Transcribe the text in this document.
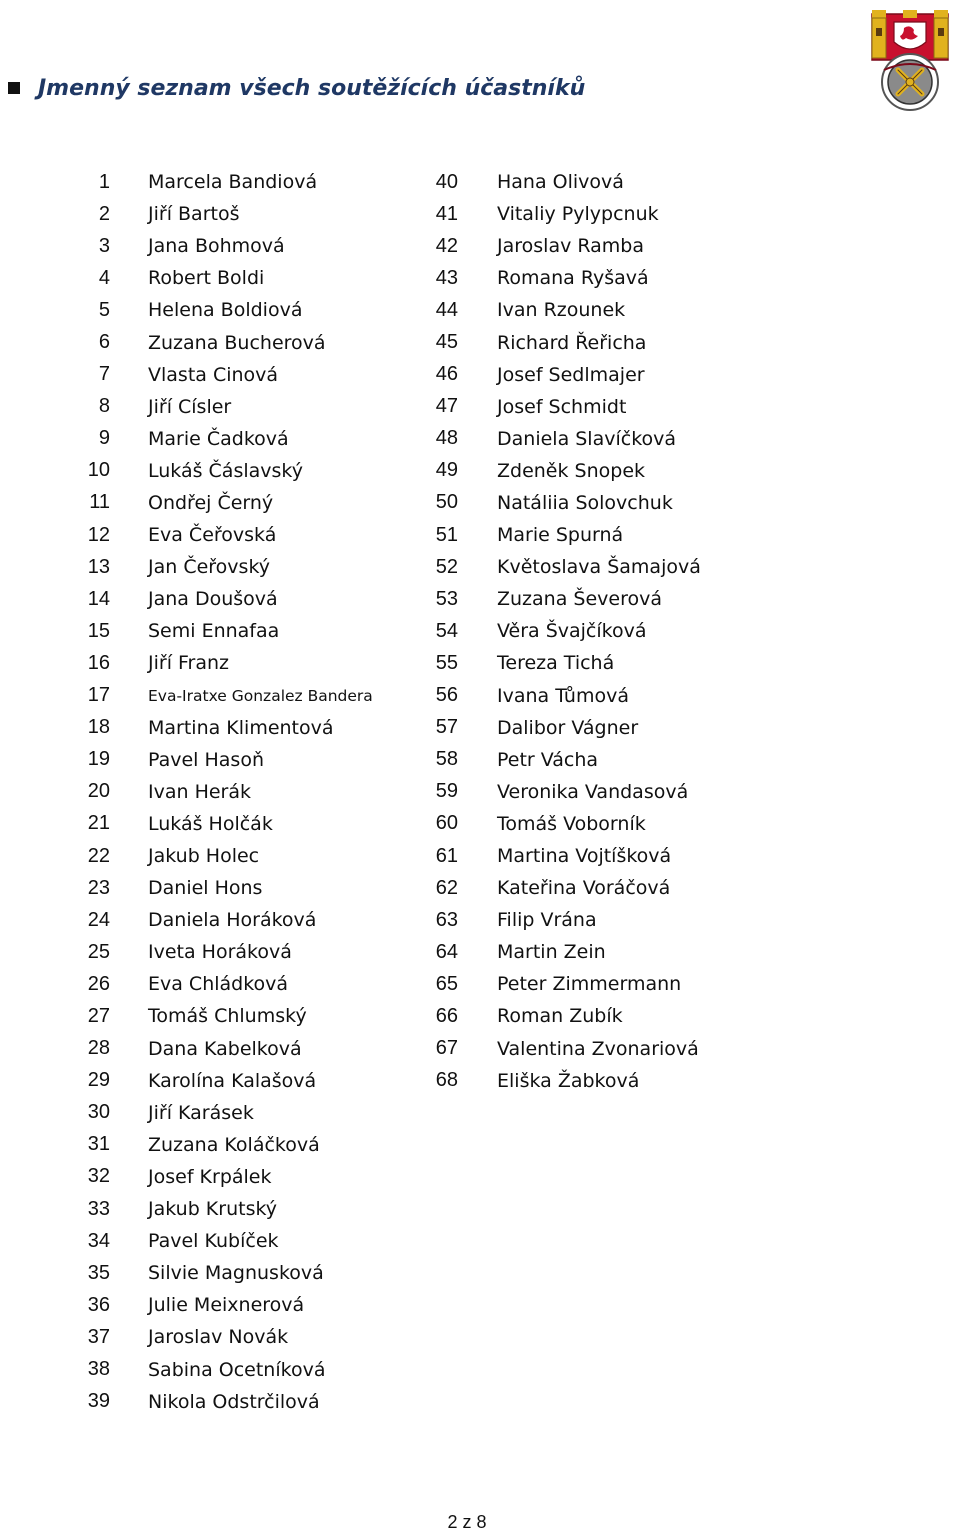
Jmenný seznam všech soutěžících účastníků
1 Marcela Bandiová
2 Jiří Bartoš
3 Jana Bohmová
4 Robert Boldi
5 Helena Boldiová
6 Zuzana Bucherová
7 Vlasta Cinová
8 Jiří Císler
9 Marie Čadková
10 Lukáš Čáslavský
11 Ondřej Černý
12 Eva Čeřovská
13 Jan Čeřovský
14 Jana Doušová
15 Semi Ennafaa
16 Jiří Franz
17 Eva-Iratxe Gonzalez Bandera
18 Martina Klimentová
19 Pavel Hasoň
20 Ivan Herák
21 Lukáš Holčák
22 Jakub Holec
23 Daniel Hons
24 Daniela Horáková
25 Iveta Horáková
26 Eva Chládková
27 Tomáš Chlumský
28 Dana Kabelková
29 Karolína Kalašová
30 Jiří Karásek
31 Zuzana Koláčková
32 Josef Krpálek
33 Jakub Krutský
34 Pavel Kubíček
35 Silvie Magnusková
36 Julie Meixnerová
37 Jaroslav Novák
38 Sabina Ocetníková
39 Nikola Odstrčilová
40 Hana Olivová
41 Vitaliy Pylypcnuk
42 Jaroslav Ramba
43 Romana Ryšavá
44 Ivan Rzounek
45 Richard Řeřicha
46 Josef Sedlmajer
47 Josef Schmidt
48 Daniela Slavíčková
49 Zdeněk Snopek
50 Natáliia Solovchuk
51 Marie Spurná
52 Květoslava Šamajová
53 Zuzana Ševerová
54 Věra Švajčíková
55 Tereza Tichá
56 Ivana Tůmová
57 Dalibor Vágner
58 Petr Vácha
59 Veronika Vandasová
60 Tomáš Voborník
61 Martina Vojtíšková
62 Kateřina Voráčová
63 Filip Vrána
64 Martin Zein
65 Peter Zimmermann
66 Roman Zubík
67 Valentina Zvonariová
68 Eliška Žabková
2 z 8
